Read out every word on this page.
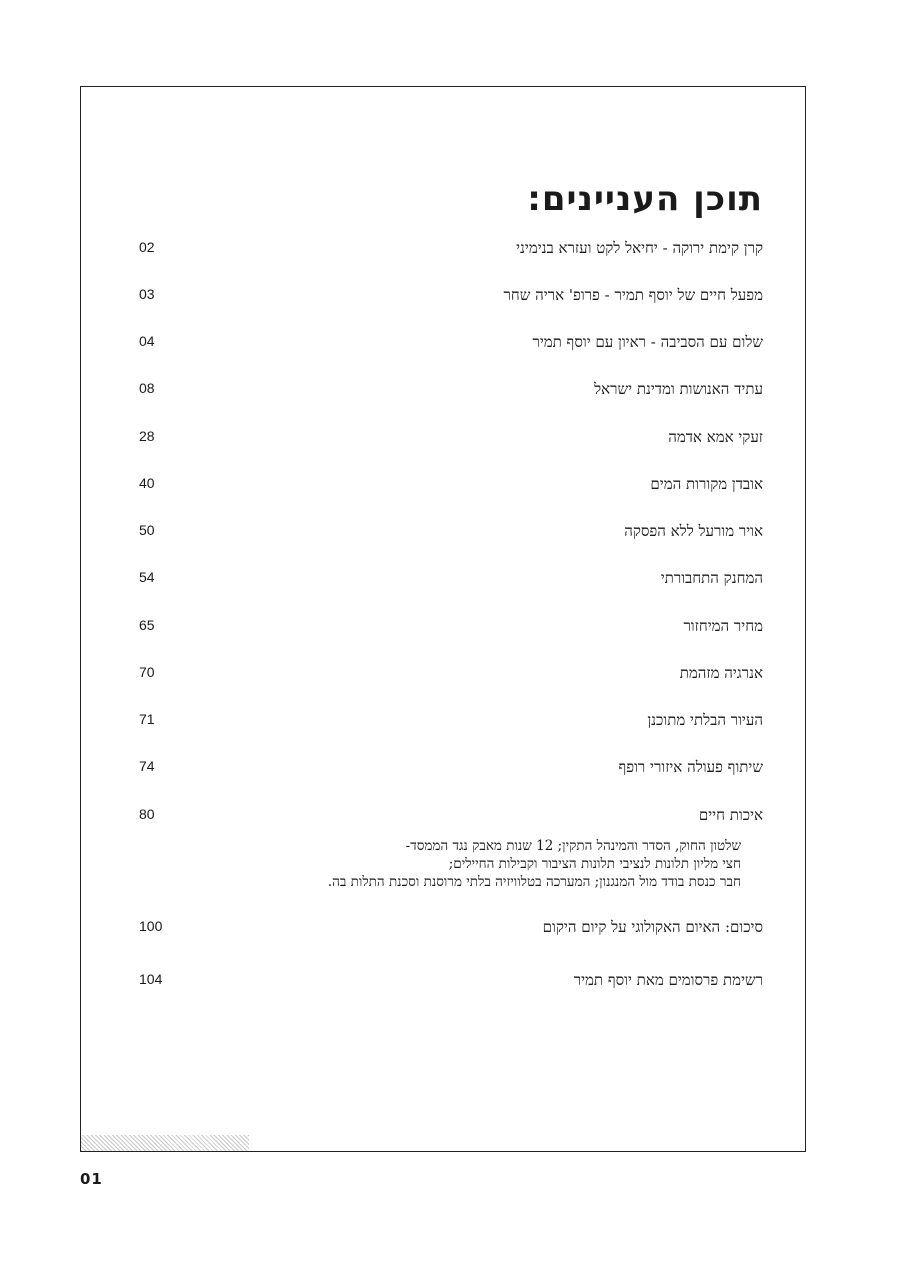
תוכן העניינים:
קרן קימת ירוקה - יחיאל לקט ועזרא בנימיני
02
מפעל חיים של יוסף תמיר - פרופ' אריה שחר
03
שלום עם הסביבה - ראיון עם יוסף תמיר
04
עתיד האנושות ומדינת ישראל
08
זעקי אמא אדמה
28
אובדן מקורות המים
40
אויר מורעל ללא הפסקה
50
המחנק התחבורתי
54
מחיר המיחזור
65
אנרגיה מזהמת
70
העיור הבלתי מתוכנן
71
שיתוף פעולה איזורי רופף
74
איכות חיים
80
סיכום: האיום האקולוגי על קיום היקום
100
רשימת פרסומים מאת יוסף תמיר
104
שלטון החוק, הסדר והמינהל התקין; 12 שנות מאבק נגד הממסד-
חצי מליון תלונות לנציבי תלונות הציבור וקבילות החיילים;
חבר כנסת בודד מול המנגנון; המערכה בטלוויזיה בלתי מרוסנת וסכנת התלות בה.
01
